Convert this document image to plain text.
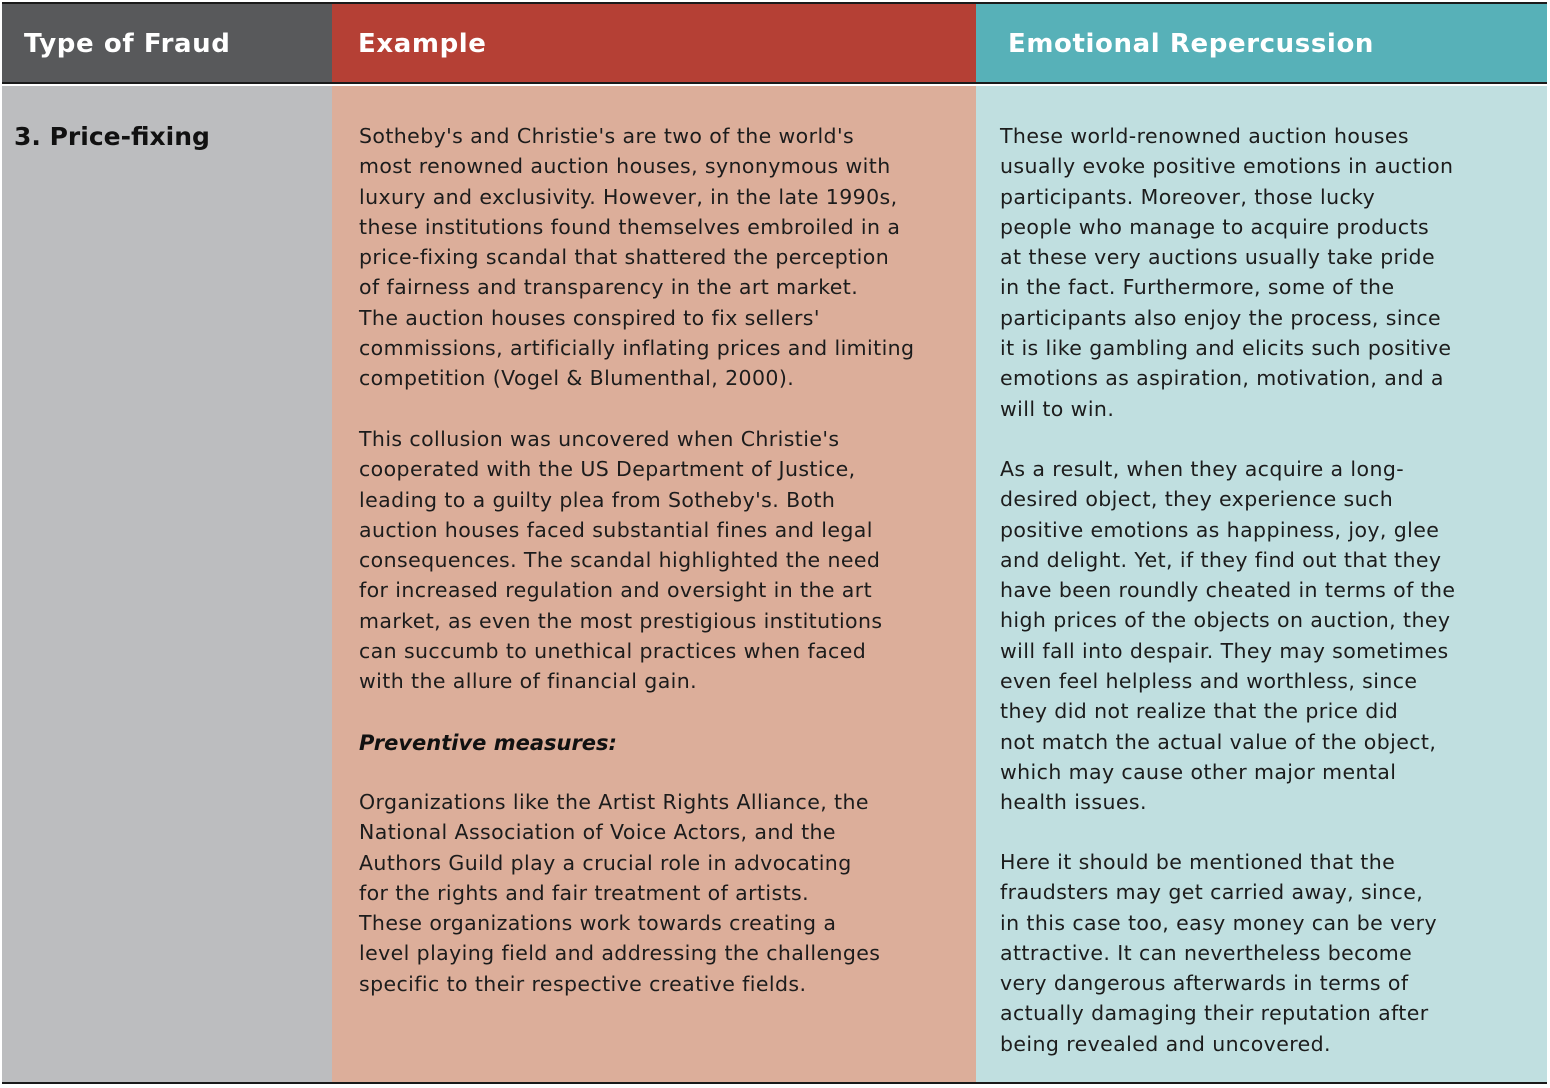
Type of Fraud
3. Price-fixing
Example
Sotheby's and Christie's are two of the world's
most renowned auction houses, synonymous with
luxury and exclusivity. However, in the late 1990s,
these institutions found themselves embroiled in a
price-fixing scandal that shattered the perception
of fairness and transparency in the art market.
The auction houses conspired to fix sellers'
commissions, artificially inflating prices and limiting
competition (Vogel & Blumenthal, 2000).
This collusion was uncovered when Christie's
cooperated with the US Department of Justice,
leading to a guilty plea from Sotheby's. Both
auction houses faced substantial fines and legal
consequences. The scandal highlighted the need
for increased regulation and oversight in the art
market, as even the most prestigious institutions
can succumb to unethical practices when faced
with the allure of financial gain.
Preventive measures:
Organizations like the Artist Rights Alliance, the
National Association of Voice Actors, and the
Authors Guild play a crucial role in advocating
for the rights and fair treatment of artists.
These organizations work towards creating a
level playing field and addressing the challenges
specific to their respective creative fields.
Emotional Repercussion
These world-renowned auction houses
usually evoke positive emotions in auction
participants. Moreover, those lucky
people who manage to acquire products
at these very auctions usually take pride
in the fact. Furthermore, some of the
participants also enjoy the process, since
it is like gambling and elicits such positive
emotions as aspiration, motivation, and a
will to win.
As a result, when they acquire a long-
desired object, they experience such
positive emotions as happiness, joy, glee
and delight. Yet, if they find out that they
have been roundly cheated in terms of the
high prices of the objects on auction, they
will fall into despair. They may sometimes
even feel helpless and worthless, since
they did not realize that the price did
not match the actual value of the object,
which may cause other major mental
health issues.
Here it should be mentioned that the
fraudsters may get carried away, since,
in this case too, easy money can be very
attractive. It can nevertheless become
very dangerous afterwards in terms of
actually damaging their reputation after
being revealed and uncovered.
